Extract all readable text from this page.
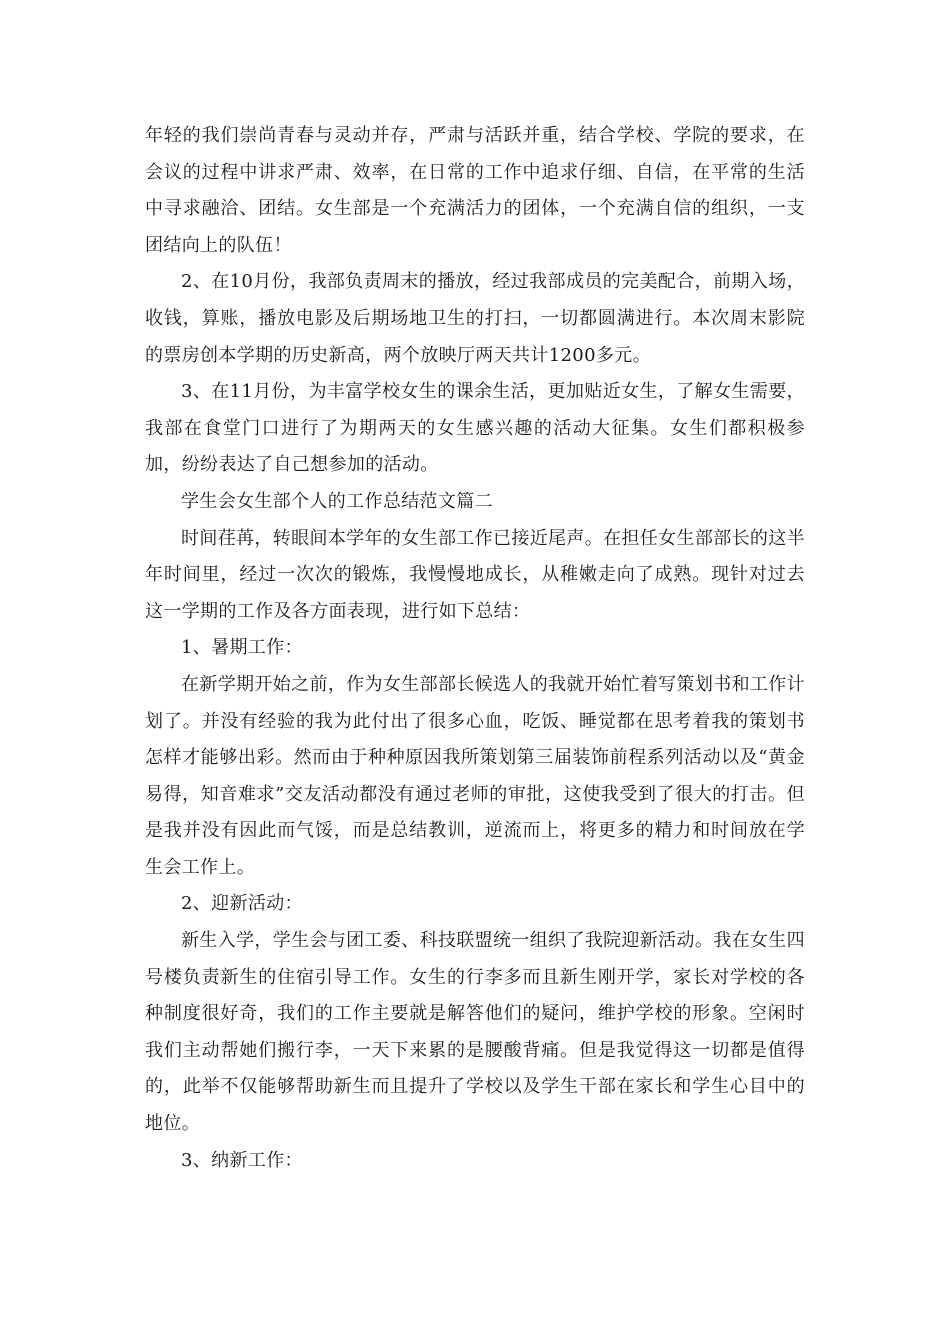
年轻的我们崇尚青春与灵动并存，严肃与活跃并重，结合学校、学院的要求，在会议的过程中讲求严肃、效率，在日常的工作中追求仔细、自信，在平常的生活中寻求融洽、团结。女生部是一个充满活力的团体，一个充满自信的组织，一支团结向上的队伍！

2、在10月份，我部负责周末的播放，经过我部成员的完美配合，前期入场，收钱，算账，播放电影及后期场地卫生的打扫，一切都圆满进行。本次周末影院的票房创本学期的历史新高，两个放映厅两天共计1200多元。

3、在11月份，为丰富学校女生的课余生活，更加贴近女生，了解女生需要，我部在食堂门口进行了为期两天的女生感兴趣的活动大征集。女生们都积极参加，纷纷表达了自己想参加的活动。

学生会女生部个人的工作总结范文篇二

时间荏苒，转眼间本学年的女生部工作已接近尾声。在担任女生部部长的这半年时间里，经过一次次的锻炼，我慢慢地成长，从稚嫩走向了成熟。现针对过去这一学期的工作及各方面表现，进行如下总结：

1、暑期工作：

在新学期开始之前，作为女生部部长候选人的我就开始忙着写策划书和工作计划了。并没有经验的我为此付出了很多心血，吃饭、睡觉都在思考着我的策划书怎样才能够出彩。然而由于种种原因我所策划第三届装饰前程系列活动以及“黄金易得，知音难求”交友活动都没有通过老师的审批，这使我受到了很大的打击。但是我并没有因此而气馁，而是总结教训，逆流而上，将更多的精力和时间放在学生会工作上。

2、迎新活动：

新生入学，学生会与团工委、科技联盟统一组织了我院迎新活动。我在女生四号楼负责新生的住宿引导工作。女生的行李多而且新生刚开学，家长对学校的各种制度很好奇，我们的工作主要就是解答他们的疑问，维护学校的形象。空闲时我们主动帮她们搬行李，一天下来累的是腰酸背痛。但是我觉得这一切都是值得的，此举不仅能够帮助新生而且提升了学校以及学生干部在家长和学生心目中的地位。

3、纳新工作：
